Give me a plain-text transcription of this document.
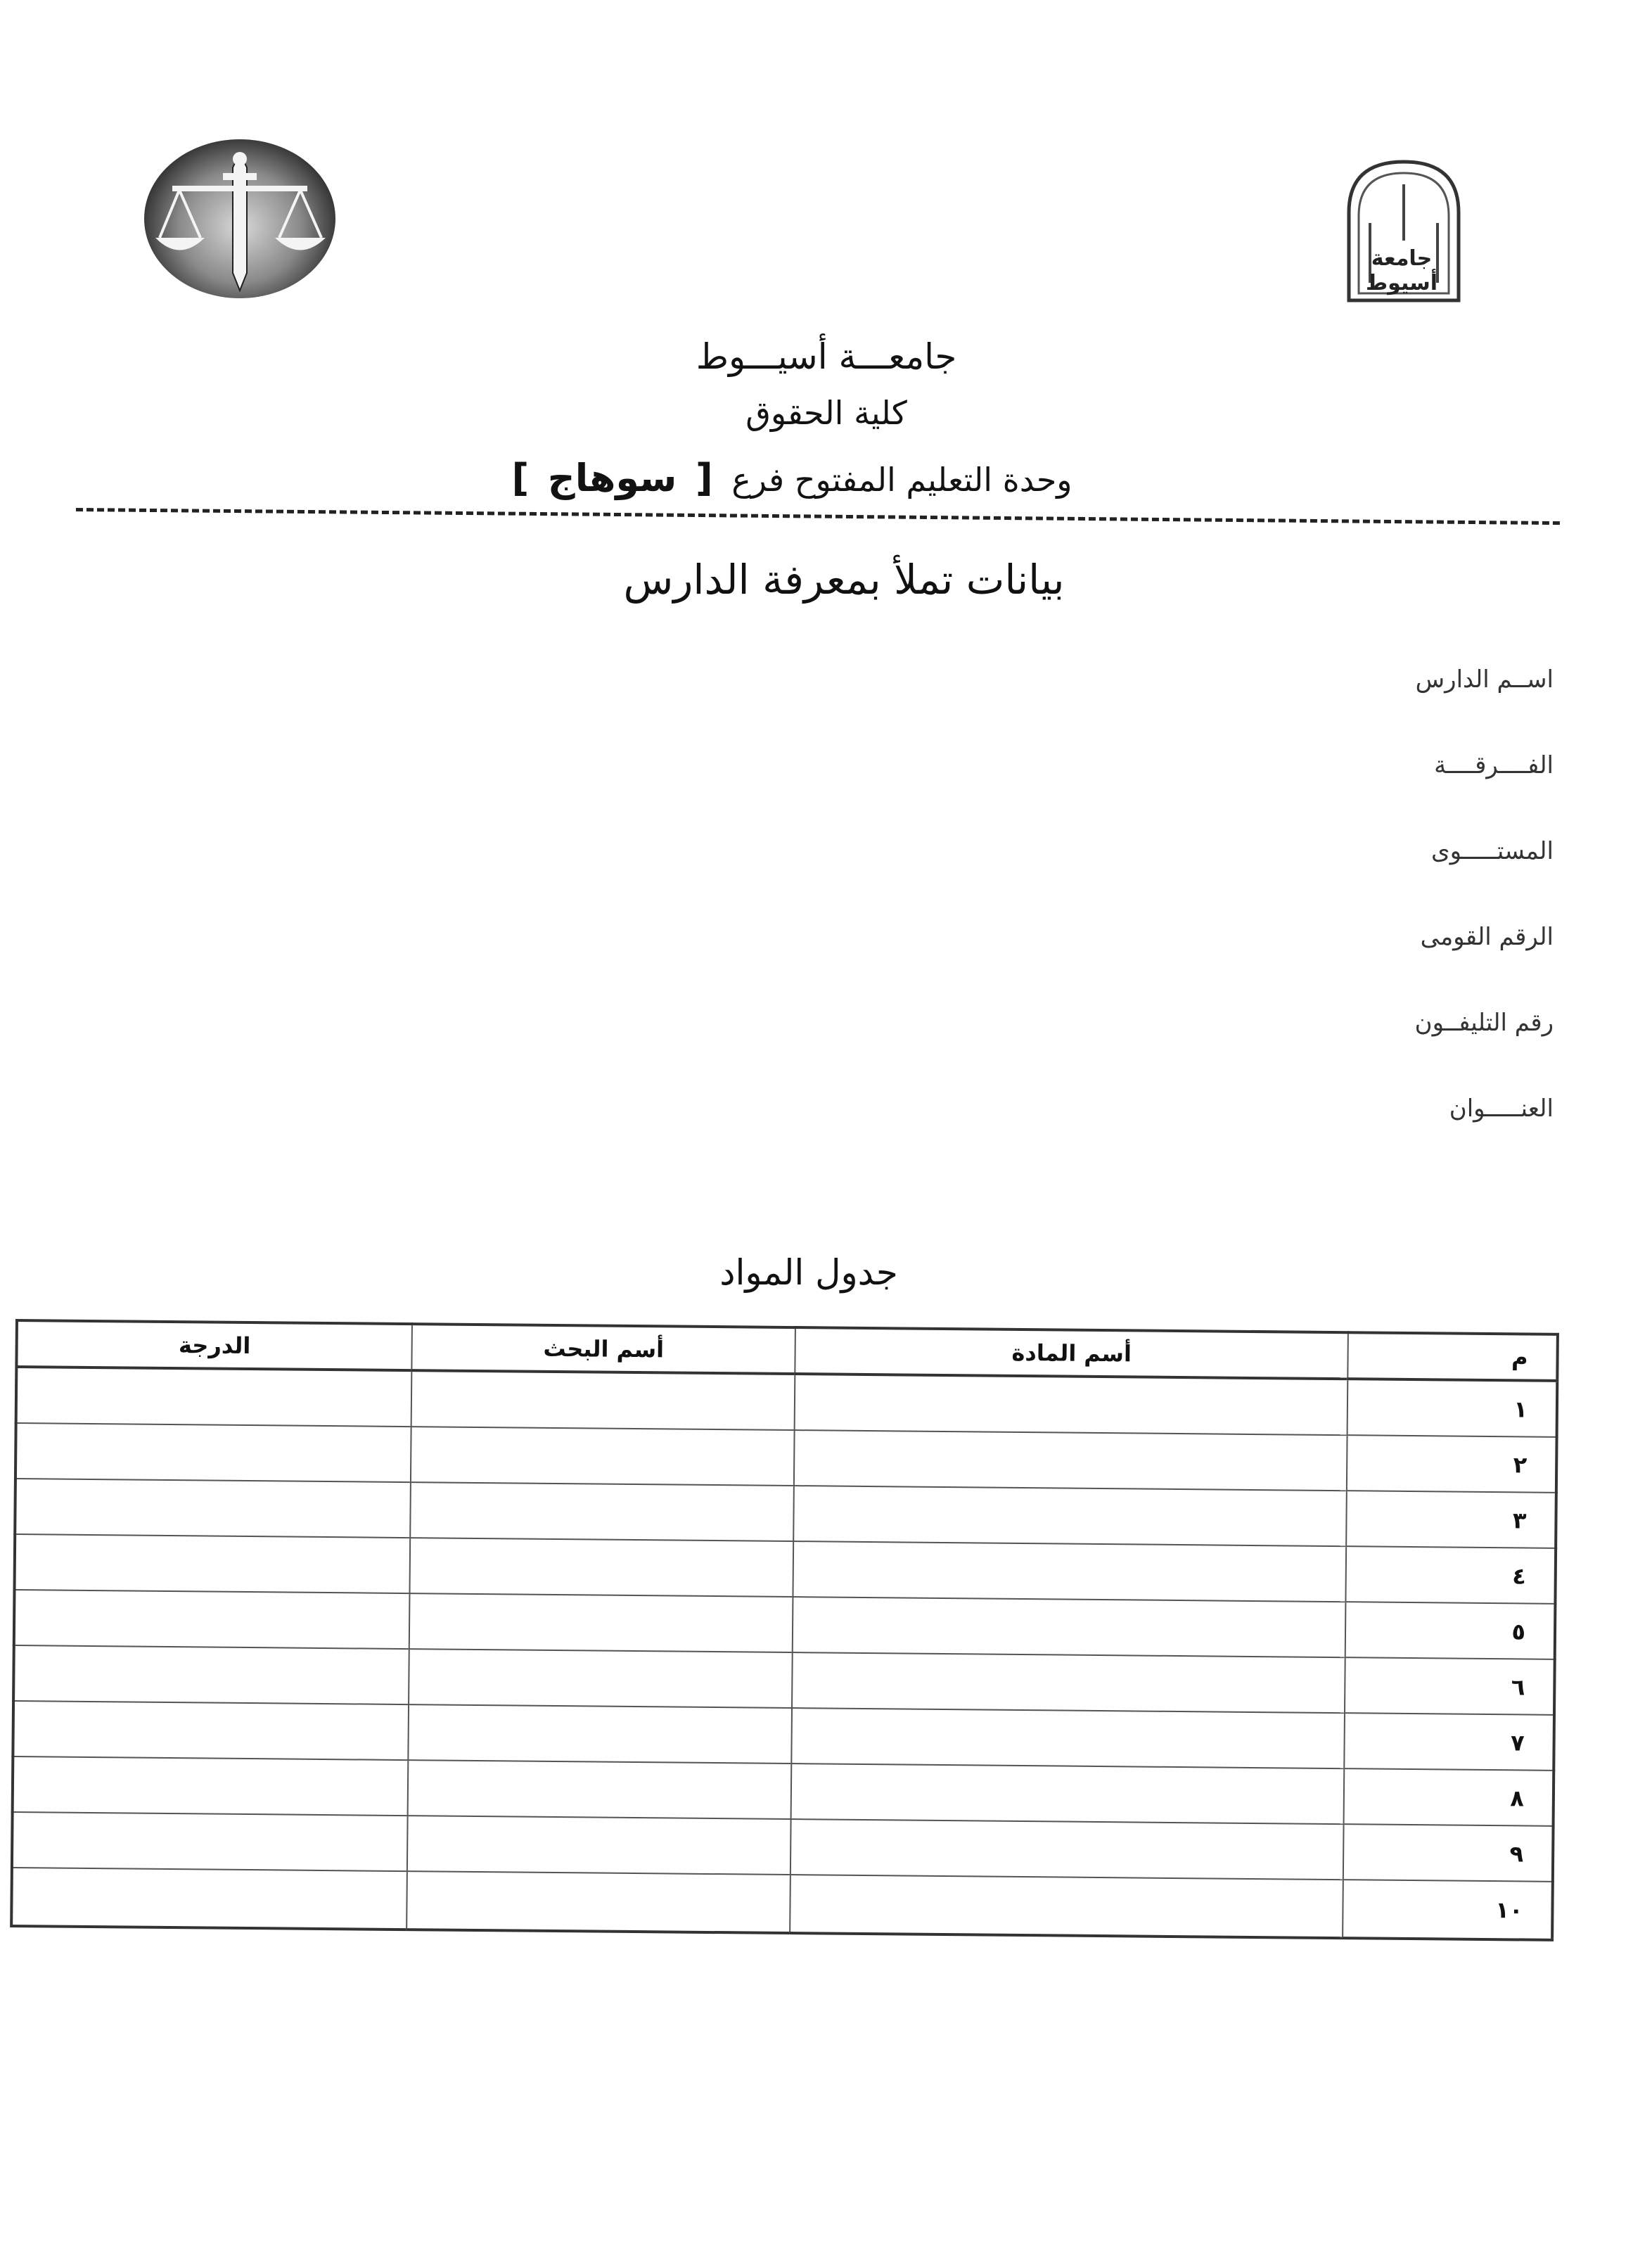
جامعة أسيوط
جامعـــة أسيـــوط
كلية الحقوق
وحدة التعليم المفتوح فرع [ سوهاج ]
بيانات تملأ بمعرفة الدارس
اســم الدارس
الفــــرقــــة
المستـــــوى
الرقم القومى
رقم التليفــون
العنـــــوان
جدول المواد
م	أسم المادة	أسم البحث	الدرجة
١			
٢			
٣			
٤			
٥			
٦			
٧			
٨			
٩			
١٠			
